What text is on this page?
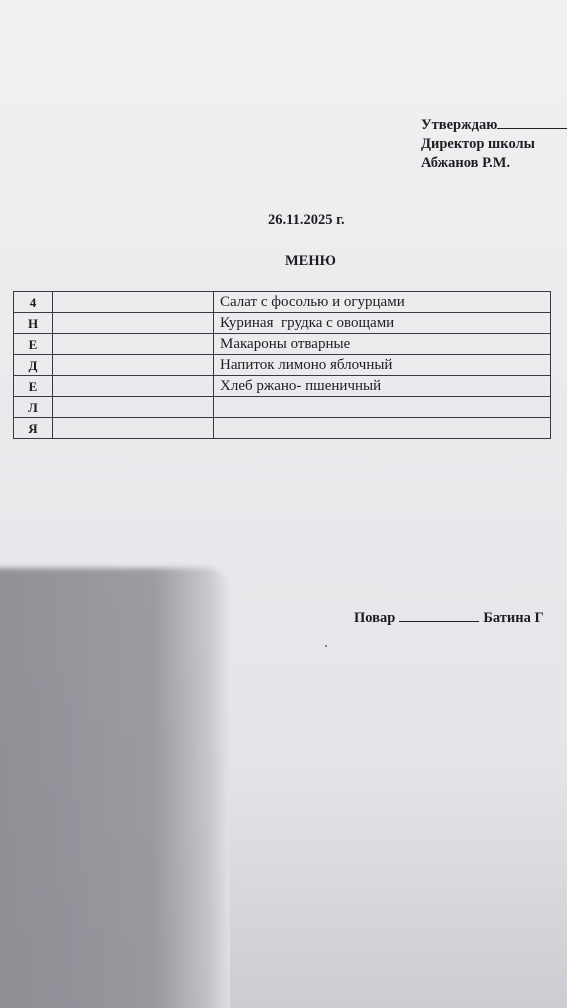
Утверждаю
Директор школы
Абжанов Р.М.
26.11.2025 г.
МЕНЮ
4		Салат с фосолью и огурцами
Н		Куриная  грудка с овощами
Е		Макароны отварные
Д		Напиток лимоно яблочный
Е		Хлеб ржано- пшеничный
Л		
Я		
Повар	Батина Г
